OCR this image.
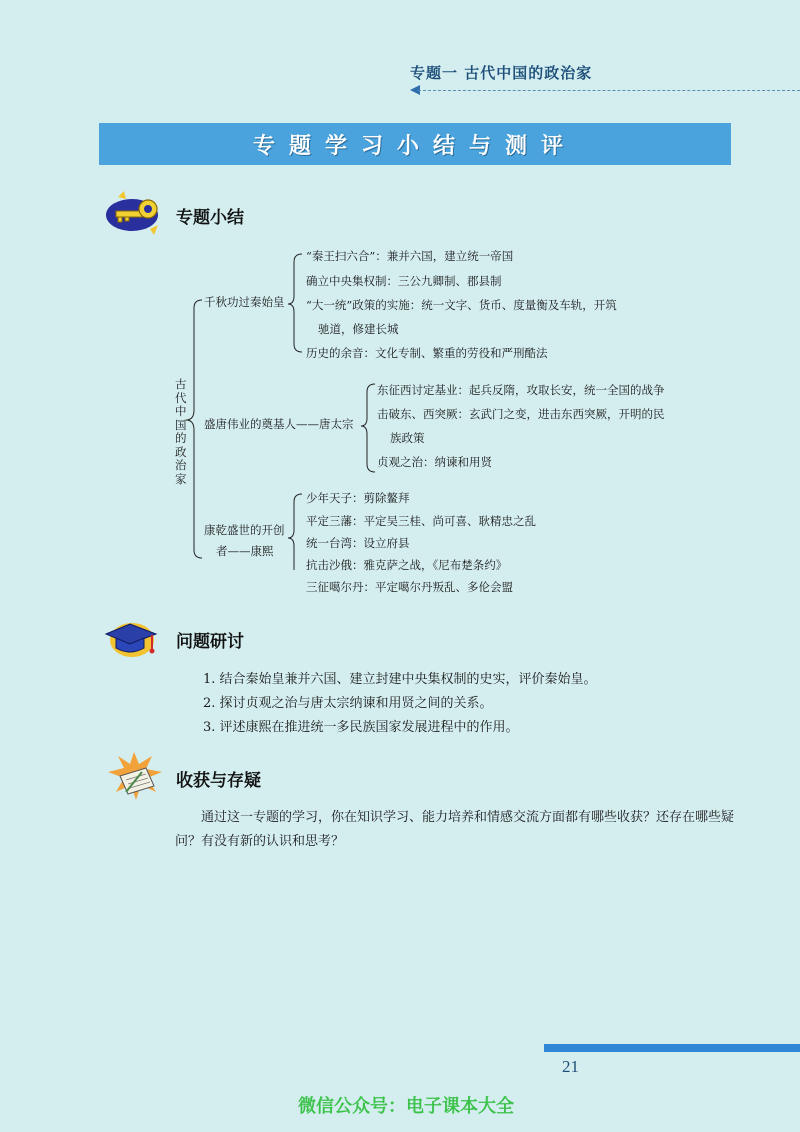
专题一 古代中国的政治家
专题学习小结与测评
专题小结
古代中国的政治家
千秋功过秦始皇
“秦王扫六合”：兼并六国，建立统一帝国
确立中央集权制：三公九卿制、郡县制
“大一统”政策的实施：统一文字、货币、度量衡及车轨，开筑
驰道，修建长城
历史的余音：文化专制、繁重的劳役和严刑酷法
盛唐伟业的奠基人——唐太宗
东征西讨定基业：起兵反隋，攻取长安，统一全国的战争
击破东、西突厥：玄武门之变，进击东西突厥，开明的民
族政策
贞观之治：纳谏和用贤
康乾盛世的开创
者——康熙
少年天子：剪除鳌拜
平定三藩：平定吴三桂、尚可喜、耿精忠之乱
统一台湾：设立府县
抗击沙俄：雅克萨之战，《尼布楚条约》
三征噶尔丹：平定噶尔丹叛乱、多伦会盟
问题研讨
1. 结合秦始皇兼并六国、建立封建中央集权制的史实，评价秦始皇。
2. 探讨贞观之治与唐太宗纳谏和用贤之间的关系。
3. 评述康熙在推进统一多民族国家发展进程中的作用。
收获与存疑
通过这一专题的学习，你在知识学习、能力培养和情感交流方面都有哪些收获？还存在哪些疑问？有没有新的认识和思考？
21
微信公众号：电子课本大全
